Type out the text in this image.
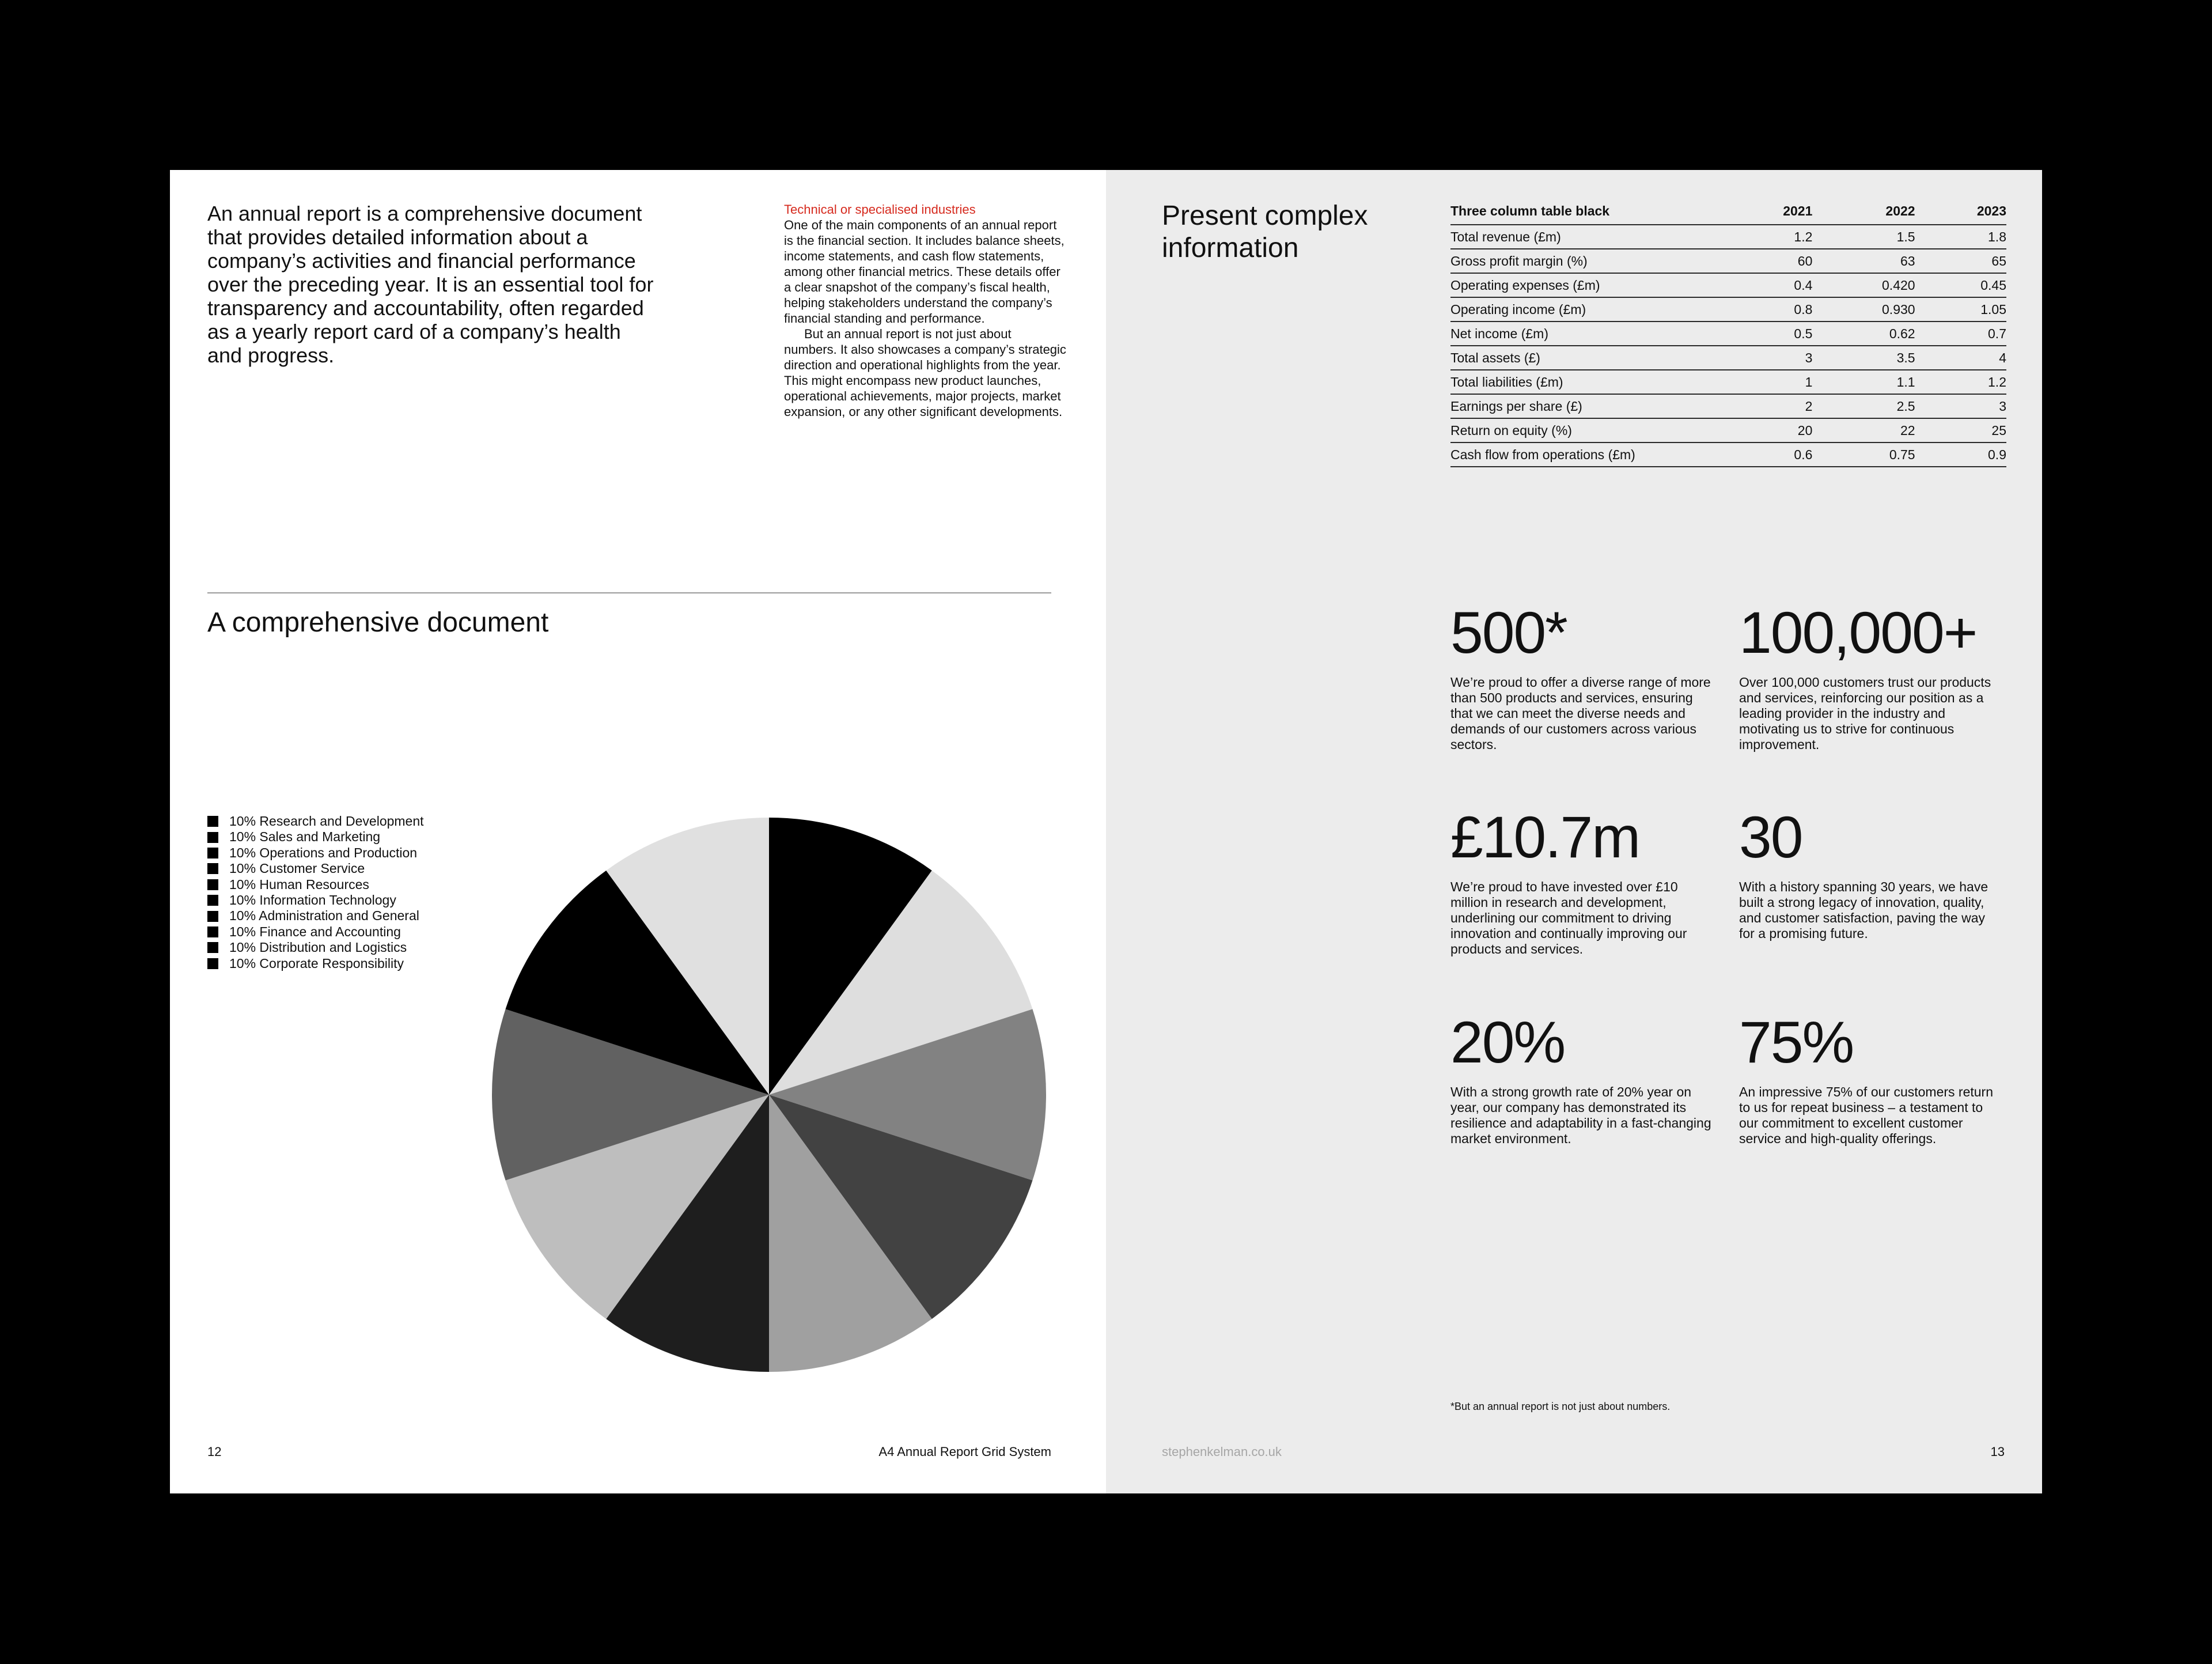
An annual report is a comprehensive document that provides detailed information about a company’s activities and financial performance over the preceding year. It is an essential tool for transparency and accountability, often regarded as a yearly report card of a company’s health and progress.

Technical or specialised industries

One of the main components of an annual report is the financial section. It includes balance sheets, income statements, and cash flow statements, among other financial metrics. These details offer a clear snapshot of the company’s fiscal health, helping stakeholders understand the company’s financial standing and performance.

But an annual report is not just about numbers. It also showcases a company’s strategic direction and operational highlights from the year. This might encompass new product launches, operational achievements, major projects, market expansion, or any other significant developments.

A comprehensive document
10% Research and Development
10% Sales and Marketing
10% Operations and Production
10% Customer Service
10% Human Resources
10% Information Technology
10% Administration and General
10% Finance and Accounting
10% Distribution and Logistics
10% Corporate Responsibility
12	A4 Annual Report Grid System
Present complex information
Three column table black	2021	2022	2023
Total revenue (£m)	1.2	1.5	1.8
Gross profit margin (%)	60	63	65
Operating expenses (£m)	0.4	0.420	0.45
Operating income (£m)	0.8	0.930	1.05
Net income (£m)	0.5	0.62	0.7
Total assets (£)	3	3.5	4
Total liabilities (£m)	1	1.1	1.2
Earnings per share (£)	2	2.5	3
Return on equity (%)	20	22	25
Cash flow from operations (£m)	0.6	0.75	0.9

500*

We’re proud to offer a diverse range of more than 500 products and services, ensuring that we can meet the diverse needs and demands of our customers across various sectors.

100,000+

Over 100,000 customers trust our products and services, reinforcing our position as a leading provider in the industry and motivating us to strive for continuous improvement.

£10.7m

We’re proud to have invested over £10 million in research and development, underlining our commitment to driving innovation and continually improving our products and services.

30

With a history spanning 30 years, we have built a strong legacy of innovation, quality, and customer satisfaction, paving the way for a promising future.

20%

With a strong growth rate of 20% year on year, our company has demonstrated its resilience and adaptability in a fast-changing market environment.

75%

An impressive 75% of our customers return to us for repeat business – a testament to our commitment to excellent customer service and high-quality offerings.

*But an annual report is not just about numbers.

stephenkelman.co.uk	13
